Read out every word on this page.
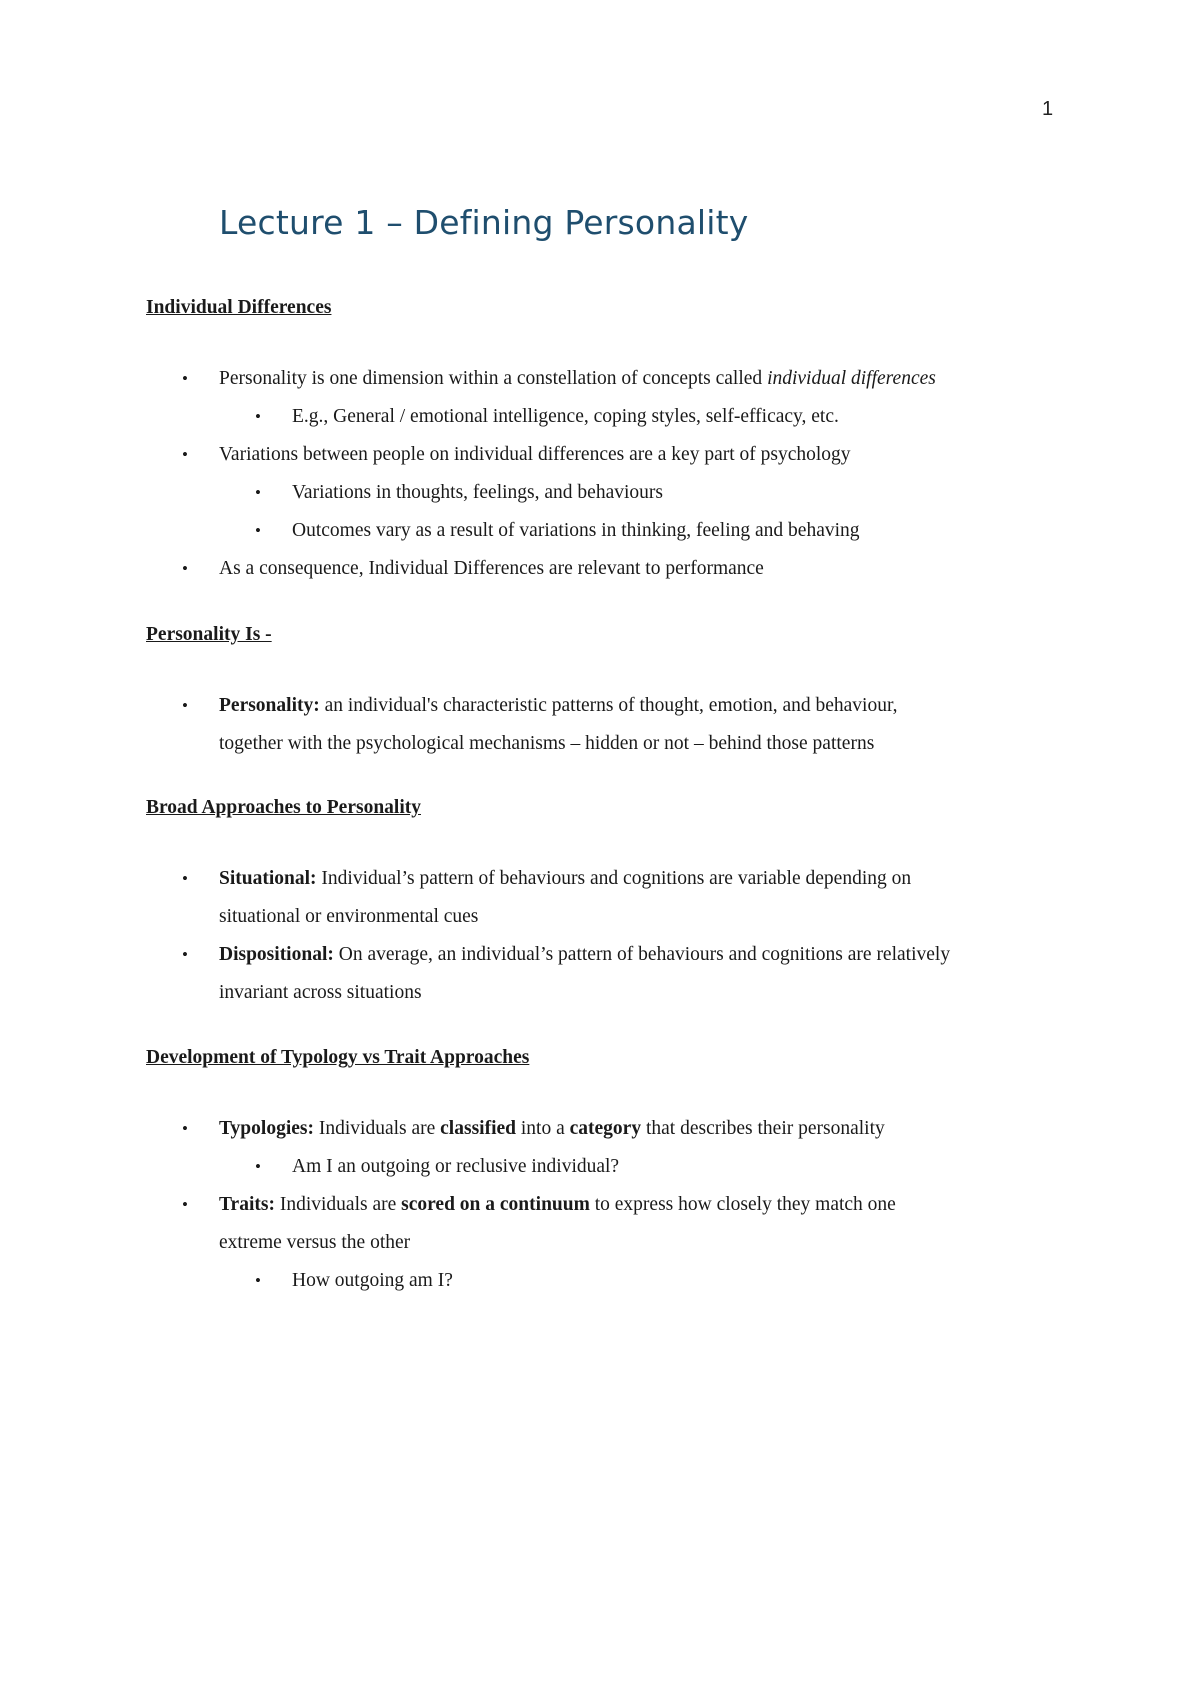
1
Lecture 1 – Defining Personality
Individual Differences
• Personality is one dimension within a constellation of concepts called individual differences
• E.g., General / emotional intelligence, coping styles, self-efficacy, etc.
• Variations between people on individual differences are a key part of psychology
• Variations in thoughts, feelings, and behaviours
• Outcomes vary as a result of variations in thinking, feeling and behaving
• As a consequence, Individual Differences are relevant to performance
Personality Is -
• Personality: an individual's characteristic patterns of thought, emotion, and behaviour,
together with the psychological mechanisms – hidden or not – behind those patterns
Broad Approaches to Personality
• Situational: Individual’s pattern of behaviours and cognitions are variable depending on
situational or environmental cues
• Dispositional: On average, an individual’s pattern of behaviours and cognitions are relatively
invariant across situations
Development of Typology vs Trait Approaches
• Typologies: Individuals are classified into a category that describes their personality
• Am I an outgoing or reclusive individual?
• Traits: Individuals are scored on a continuum to express how closely they match one
extreme versus the other
• How outgoing am I?
